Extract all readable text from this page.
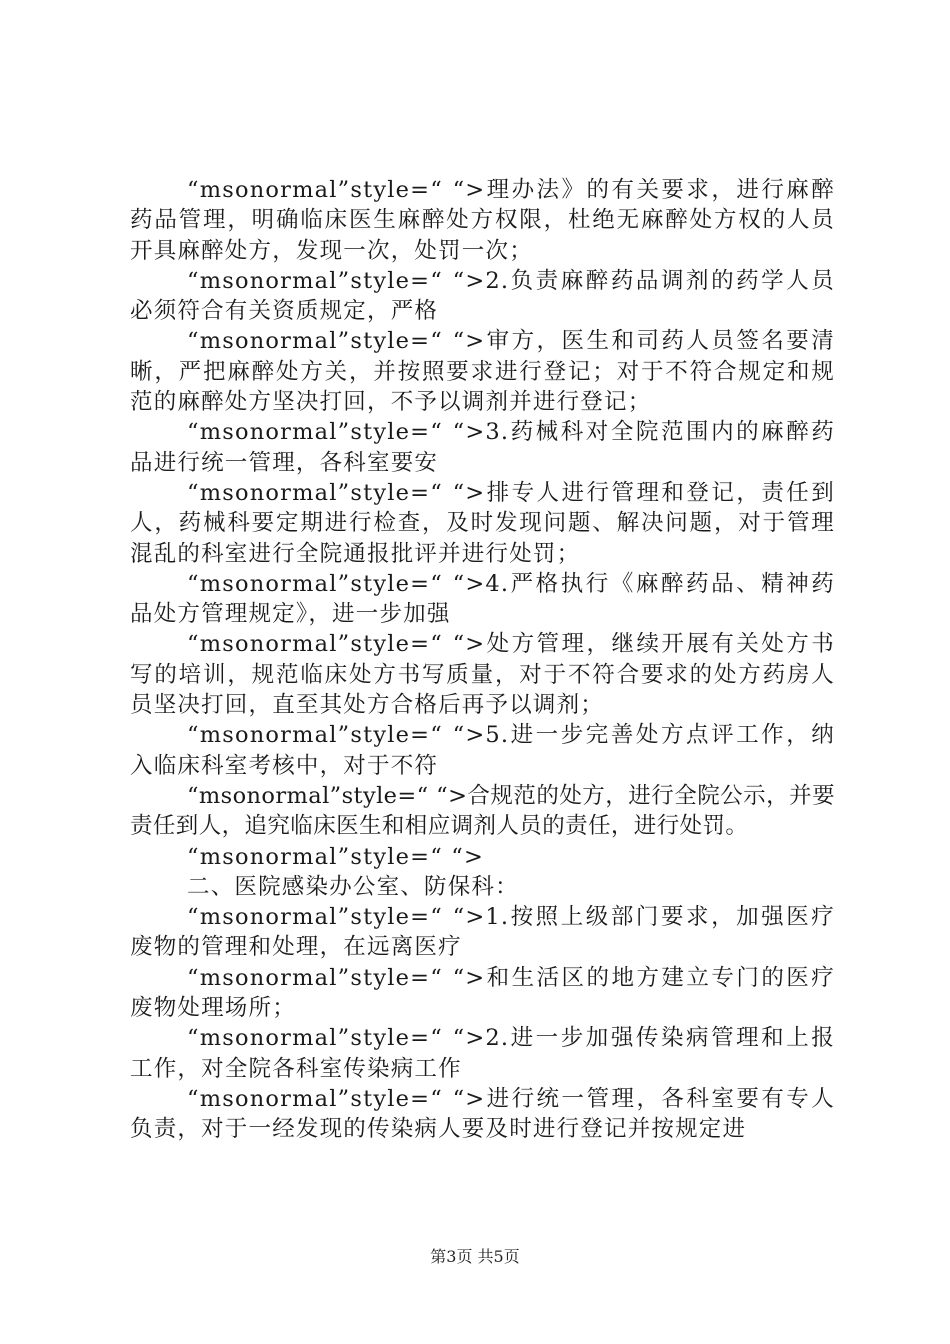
“msonormal”style=“ “>理办法》的有关要求，进行麻醉药品管理，明确临床医生麻醉处方权限，杜绝无麻醉处方权的人员开具麻醉处方，发现一次，处罚一次；

“msonormal”style=“ “>2.负责麻醉药品调剂的药学人员必须符合有关资质规定，严格

“msonormal”style=“ “>审方，医生和司药人员签名要清晰，严把麻醉处方关，并按照要求进行登记；对于不符合规定和规范的麻醉处方坚决打回，不予以调剂并进行登记；

“msonormal”style=“ “>3.药械科对全院范围内的麻醉药品进行统一管理，各科室要安

“msonormal”style=“ “>排专人进行管理和登记，责任到人，药械科要定期进行检查，及时发现问题、解决问题，对于管理混乱的科室进行全院通报批评并进行处罚；

“msonormal”style=“ “>4.严格执行《麻醉药品、精神药品处方管理规定》，进一步加强

“msonormal”style=“ “>处方管理，继续开展有关处方书写的培训，规范临床处方书写质量，对于不符合要求的处方药房人员坚决打回，直至其处方合格后再予以调剂；

“msonormal”style=“ “>5.进一步完善处方点评工作，纳入临床科室考核中，对于不符

“msonormal”style=“ “>合规范的处方，进行全院公示，并要责任到人，追究临床医生和相应调剂人员的责任，进行处罚。

“msonormal”style=“ “>

二、医院感染办公室、防保科：

“msonormal”style=“ “>1.按照上级部门要求，加强医疗废物的管理和处理，在远离医疗

“msonormal”style=“ “>和生活区的地方建立专门的医疗废物处理场所；

“msonormal”style=“ “>2.进一步加强传染病管理和上报工作，对全院各科室传染病工作

“msonormal”style=“ “>进行统一管理，各科室要有专人负责，对于一经发现的传染病人要及时进行登记并按规定进

第3页 共5页
